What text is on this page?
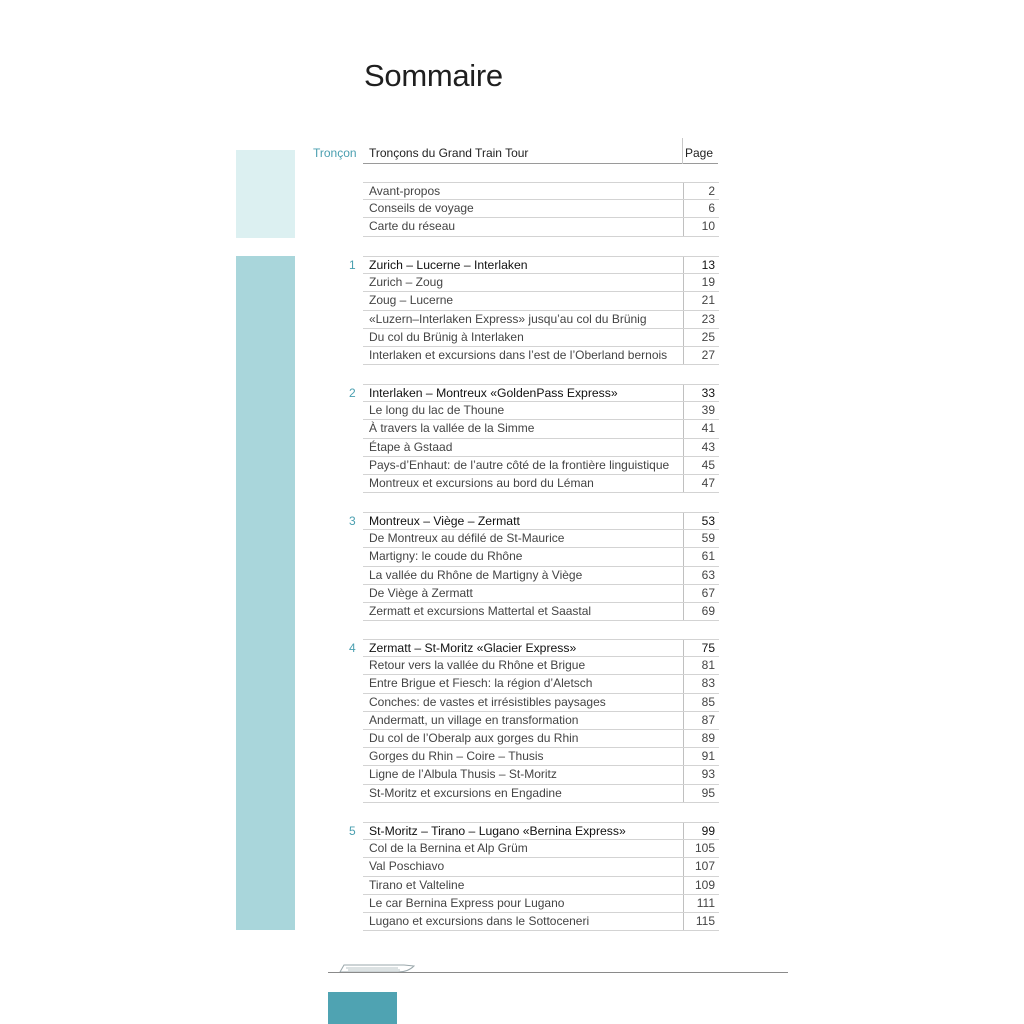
Sommaire
Tronçon Tronçons du Grand Train Tour	Page
Avant-propos	2
Conseils de voyage	6
Carte du réseau	10
1 Zurich – Lucerne – Interlaken	13
Zurich – Zoug	19
Zoug – Lucerne	21
«Luzern–Interlaken Express» jusqu’au col du Brünig	23
Du col du Brünig à Interlaken	25
Interlaken et excursions dans l’est de l’Oberland bernois	27
2 Interlaken – Montreux «GoldenPass Express»	33
Le long du lac de Thoune	39
À travers la vallée de la Simme	41
Étape à Gstaad	43
Pays-d’Enhaut: de l’autre côté de la frontière linguistique	45
Montreux et excursions au bord du Léman	47
3 Montreux – Viège – Zermatt	53
De Montreux au défilé de St-Maurice	59
Martigny: le coude du Rhône	61
La vallée du Rhône de Martigny à Viège	63
De Viège à Zermatt	67
Zermatt et excursions Mattertal et Saastal	69
4 Zermatt – St-Moritz «Glacier Express»	75
Retour vers la vallée du Rhône et Brigue	81
Entre Brigue et Fiesch: la région d’Aletsch	83
Conches: de vastes et irrésistibles paysages	85
Andermatt, un village en transformation	87
Du col de l’Oberalp aux gorges du Rhin	89
Gorges du Rhin – Coire – Thusis	91
Ligne de l’Albula Thusis – St-Moritz	93
St-Moritz et excursions en Engadine	95
5 St-Moritz – Tirano – Lugano «Bernina Express»	99
Col de la Bernina et Alp Grüm	105
Val Poschiavo	107
Tirano et Valteline	109
Le car Bernina Express pour Lugano	111
Lugano et excursions dans le Sottoceneri	115
